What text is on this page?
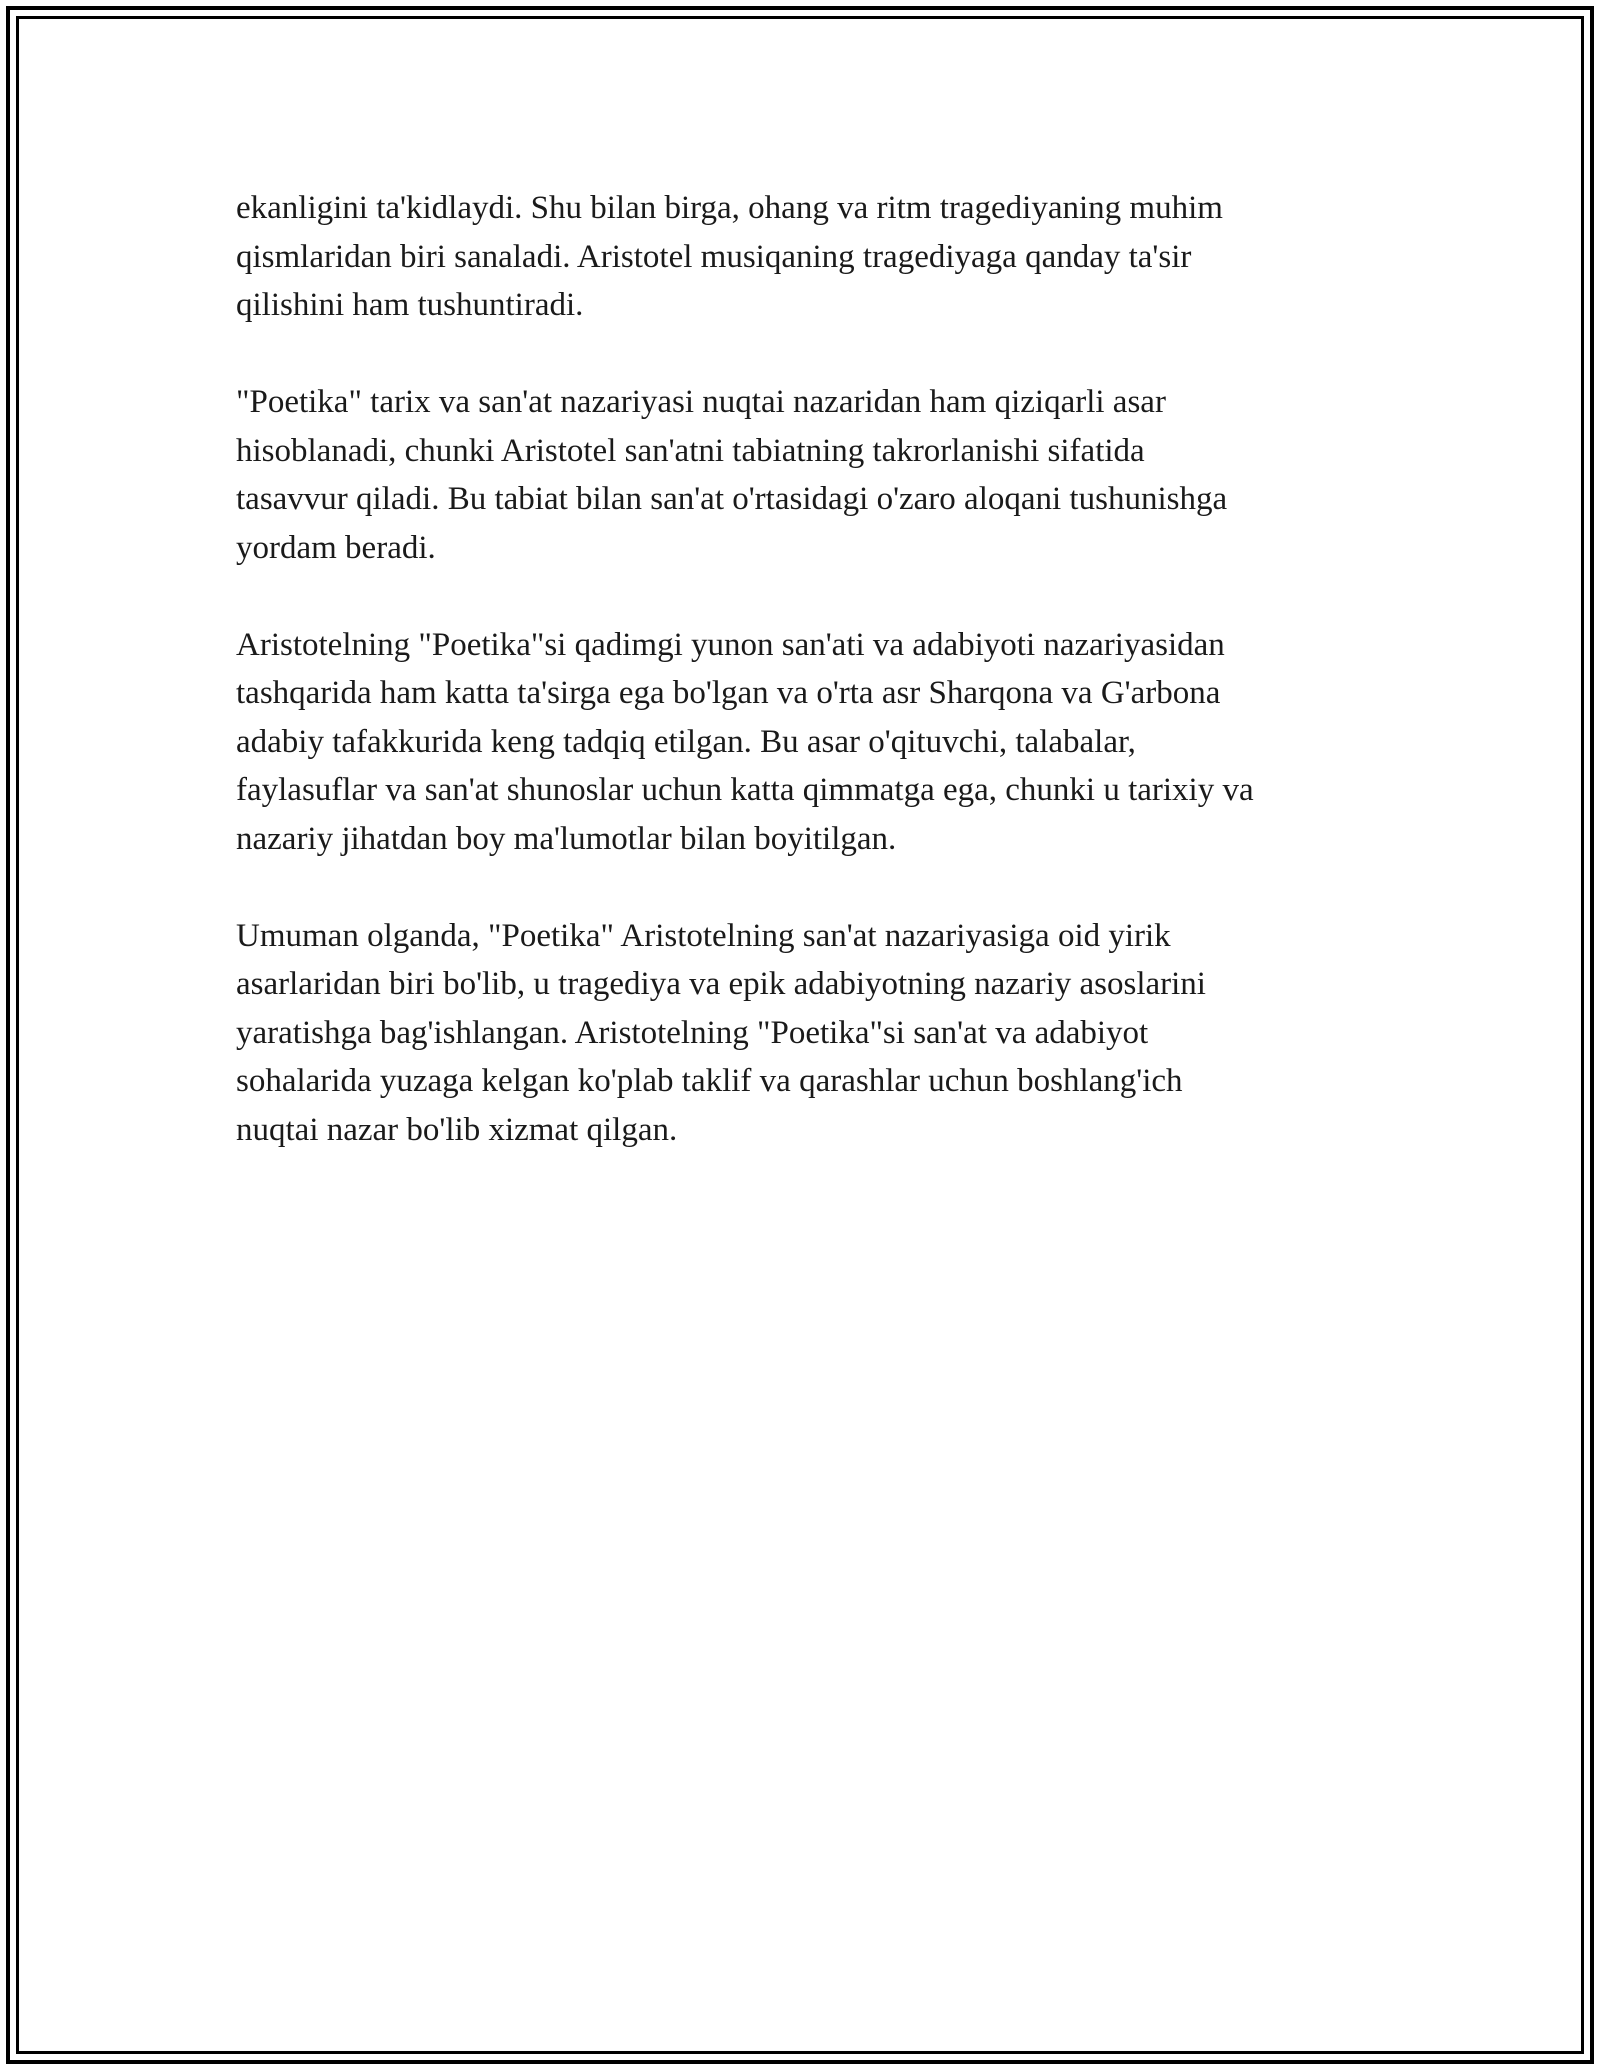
ekanligini ta'kidlaydi. Shu bilan birga, ohang va ritm tragediyaning muhim
qismlaridan biri sanaladi. Aristotel musiqaning tragediyaga qanday ta'sir
qilishini ham tushuntiradi.

"Poetika" tarix va san'at nazariyasi nuqtai nazaridan ham qiziqarli asar
hisoblanadi, chunki Aristotel san'atni tabiatning takrorlanishi sifatida
tasavvur qiladi. Bu tabiat bilan san'at o'rtasidagi o'zaro aloqani tushunishga
yordam beradi.

Aristotelning "Poetika"si qadimgi yunon san'ati va adabiyoti nazariyasidan
tashqarida ham katta ta'sirga ega bo'lgan va o'rta asr Sharqona va G'arbona
adabiy tafakkurida keng tadqiq etilgan. Bu asar o'qituvchi, talabalar,
faylasuflar va san'at shunoslar uchun katta qimmatga ega, chunki u tarixiy va
nazariy jihatdan boy ma'lumotlar bilan boyitilgan.

Umuman olganda, "Poetika" Aristotelning san'at nazariyasiga oid yirik
asarlaridan biri bo'lib, u tragediya va epik adabiyotning nazariy asoslarini
yaratishga bag'ishlangan. Aristotelning "Poetika"si san'at va adabiyot
sohalarida yuzaga kelgan ko'plab taklif va qarashlar uchun boshlang'ich
nuqtai nazar bo'lib xizmat qilgan.
